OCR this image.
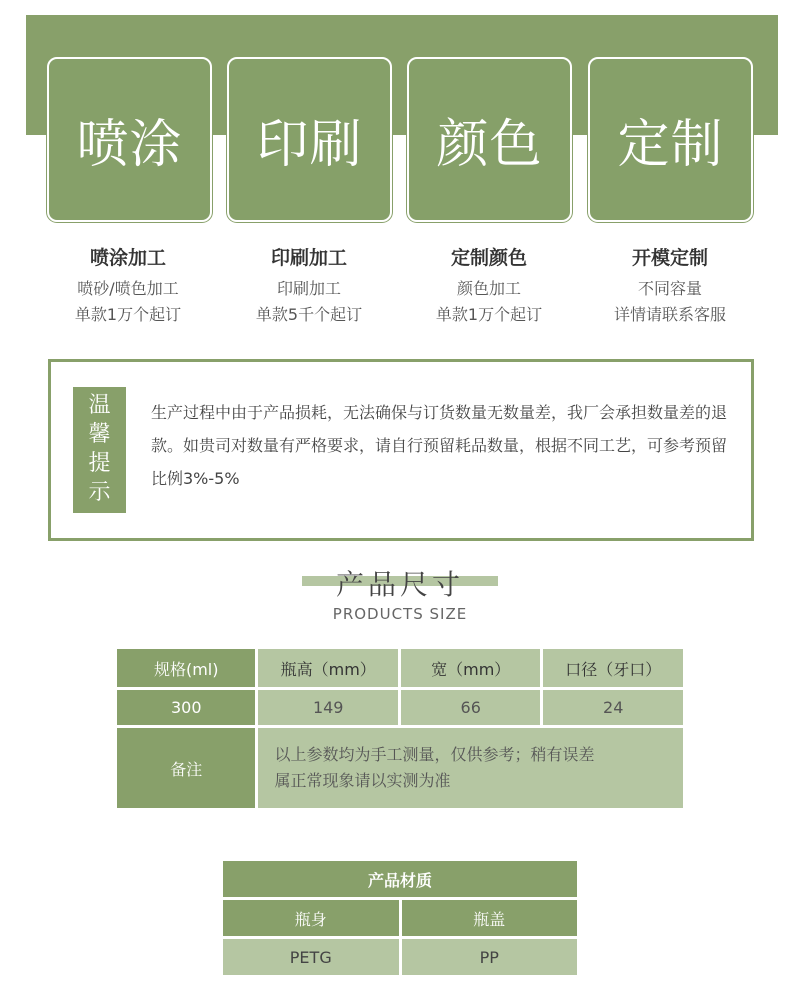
喷涂 印刷 颜色 定制
喷涂加工
喷砂/喷色加工
单款1万个起订
印刷加工
印刷加工
单款5千个起订
定制颜色
颜色加工
单款1万个起订
开模定制
不同容量
详情请联系客服
温馨提示
生产过程中由于产品损耗，无法确保与订货数量无数量差，我厂会承担数量差的退款。如贵司对数量有严格要求，请自行预留耗品数量，根据不同工艺，可参考预留比例3%-5%
产品尺寸
PRODUCTS SIZE
规格(ml)	瓶高（mm）	宽（mm）	口径（牙口）
300	149	66	24
备注	以上参数均为手工测量，仅供参考；稍有误差
属正常现象请以实测为准		
产品材质	
瓶身	瓶盖
PETG	PP
